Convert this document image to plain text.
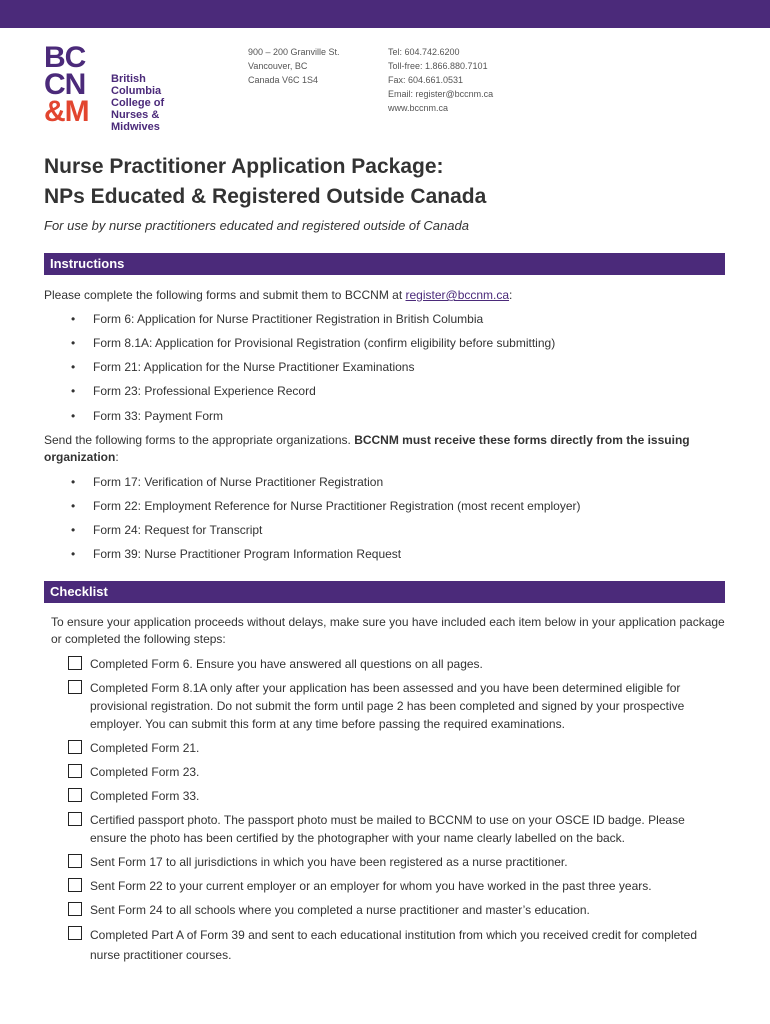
BC
CN
&M
British
Columbia
College of
Nurses &
Midwives
900 – 200 Granville St.
Vancouver, BC
Canada V6C 1S4
Tel: 604.742.6200
Toll-free: 1.866.880.7101
Fax: 604.661.0531
Email: register@bccnm.ca
www.bccnm.ca
Nurse Practitioner Application Package:
NPs Educated & Registered Outside Canada
For use by nurse practitioners educated and registered outside of Canada
Instructions
Please complete the following forms and submit them to BCCNM at register@bccnm.ca:
• Form 6: Application for Nurse Practitioner Registration in British Columbia
• Form 8.1A: Application for Provisional Registration (confirm eligibility before submitting)
• Form 21: Application for the Nurse Practitioner Examinations
• Form 23: Professional Experience Record
• Form 33: Payment Form
Send the following forms to the appropriate organizations. BCCNM must receive these forms directly from the issuing organization:
• Form 17: Verification of Nurse Practitioner Registration
• Form 22: Employment Reference for Nurse Practitioner Registration (most recent employer)
• Form 24: Request for Transcript
• Form 39: Nurse Practitioner Program Information Request
Checklist
To ensure your application proceeds without delays, make sure you have included each item below in your application package or completed the following steps:
Completed Form 6. Ensure you have answered all questions on all pages.
Completed Form 8.1A only after your application has been assessed and you have been determined eligible for provisional registration. Do not submit the form until page 2 has been completed and signed by your prospective employer. You can submit this form at any time before passing the required examinations.
Completed Form 21.
Completed Form 23.
Completed Form 33.
Certified passport photo. The passport photo must be mailed to BCCNM to use on your OSCE ID badge. Please ensure the photo has been certified by the photographer with your name clearly labelled on the back.
Sent Form 17 to all jurisdictions in which you have been registered as a nurse practitioner.
Sent Form 22 to your current employer or an employer for whom you have worked in the past three years.
Sent Form 24 to all schools where you completed a nurse practitioner and master’s education.
Completed Part A of Form 39 and sent to each educational institution from which you received credit for completed nurse practitioner courses.
